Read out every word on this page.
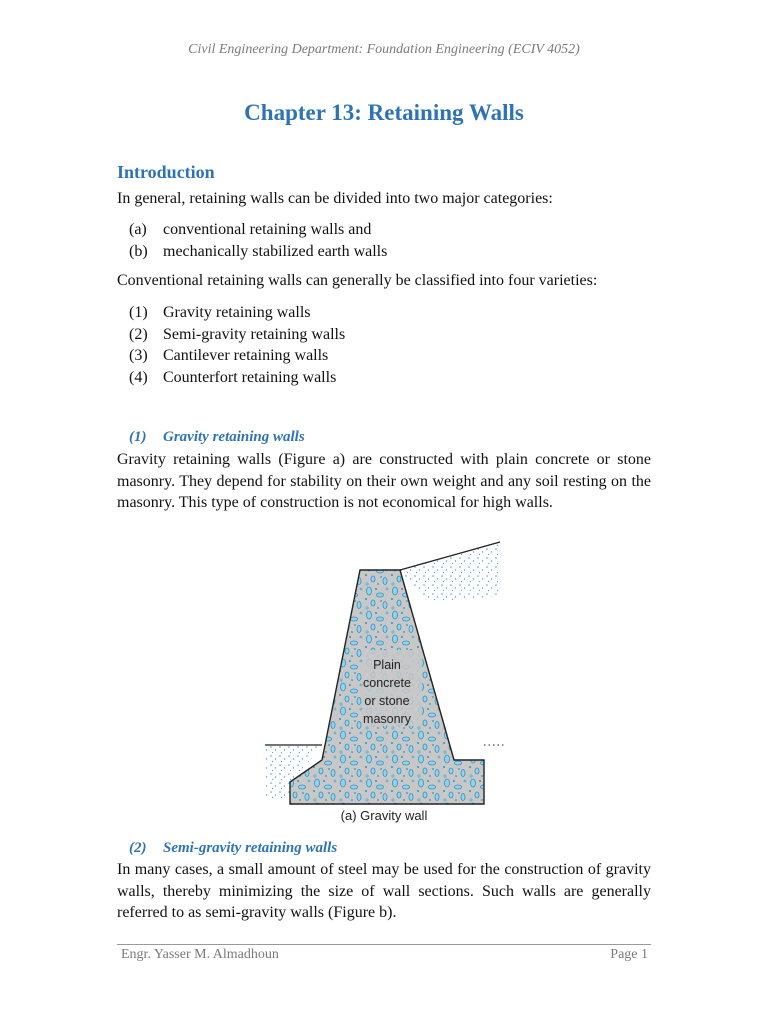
Civil Engineering Department: Foundation Engineering (ECIV 4052)
Chapter 13: Retaining Walls
Introduction
In general, retaining walls can be divided into two major categories:
(a)	conventional retaining walls and
(b) mechanically stabilized earth walls
Conventional retaining walls can generally be classified into four varieties:
(1) Gravity retaining walls
(2) Semi-gravity retaining walls
(3) Cantilever retaining walls
(4) Counterfort retaining walls
(1) Gravity retaining walls
Gravity retaining walls (Figure a) are constructed with plain concrete or stone masonry. They depend for stability on their own weight and any soil resting on the masonry. This type of construction is not economical for high walls.
Plain
concrete
or stone
masonry
(a) Gravity wall
(2) Semi-gravity retaining walls
In many cases, a small amount of steel may be used for the construction of gravity walls, thereby minimizing the size of wall sections. Such walls are generally referred to as semi-gravity walls (Figure b).
Engr. Yasser M. Almadhoun	Page 1
